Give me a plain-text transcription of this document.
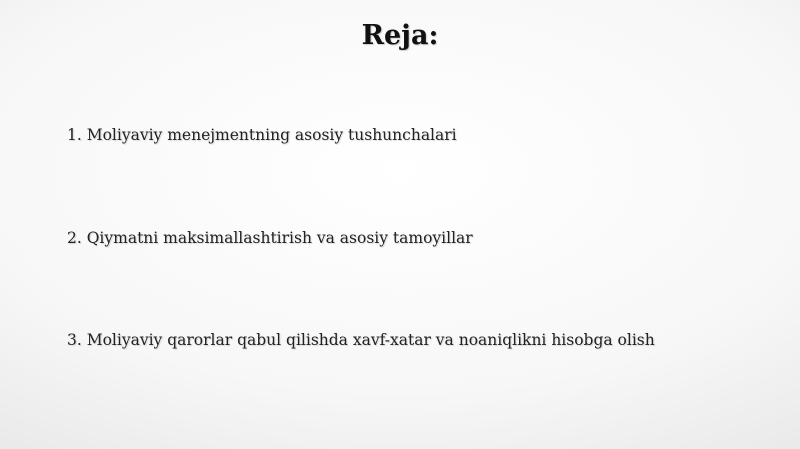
Reja:
1. Moliyaviy menejmentning asosiy tushunchalari
2. Qiymatni maksimallashtirish va asosiy tamoyillar
3. Moliyaviy qarorlar qabul qilishda xavf-xatar va noaniqlikni hisobga olish
